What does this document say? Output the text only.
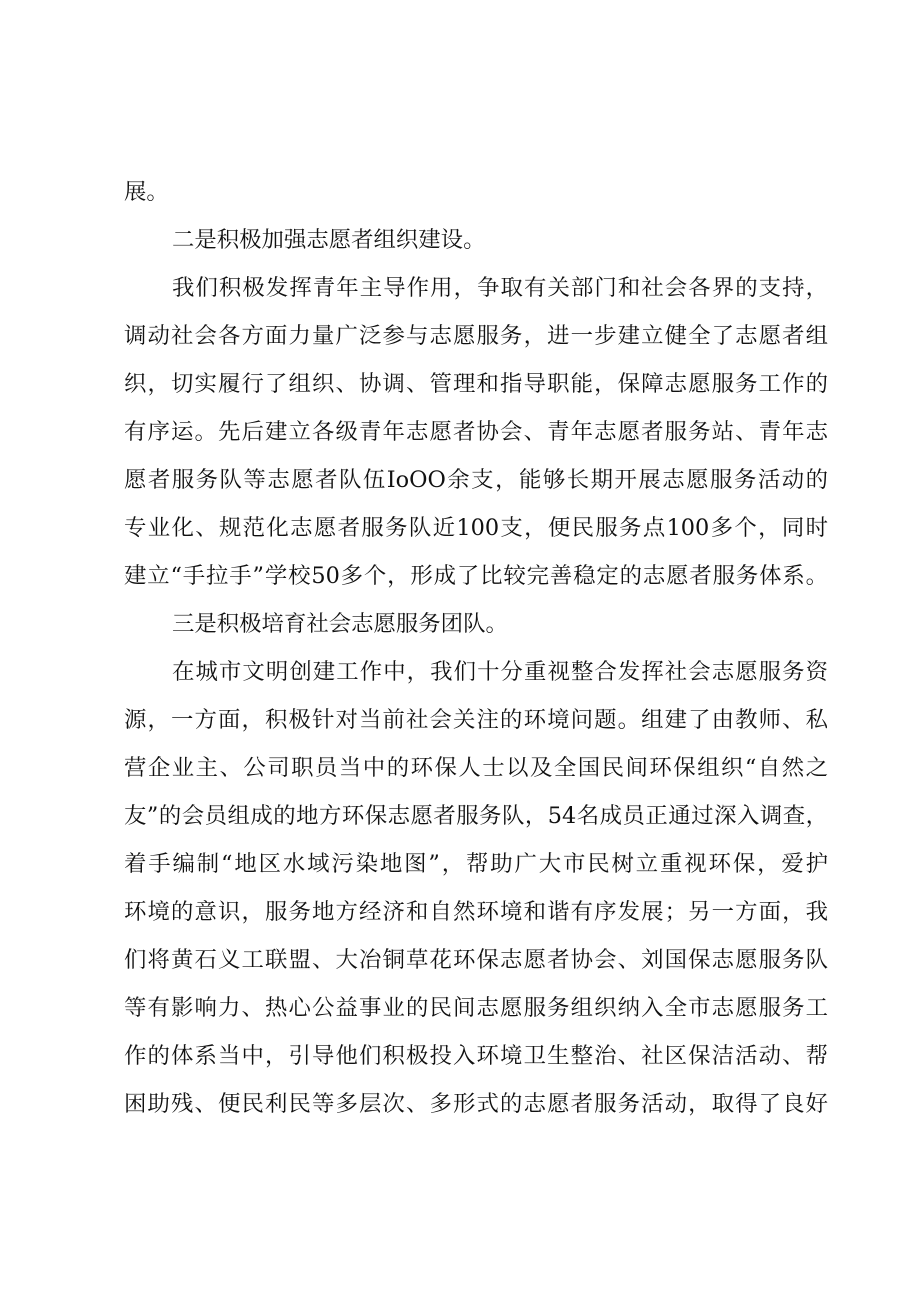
展。
二是积极加强志愿者组织建设。
我们积极发挥青年主导作用，争取有关部门和社会各界的支持，
调动社会各方面力量广泛参与志愿服务，进一步建立健全了志愿者组
织，切实履行了组织、协调、管理和指导职能，保障志愿服务工作的
有序运。先后建立各级青年志愿者协会、青年志愿者服务站、青年志
愿者服务队等志愿者队伍IoOO余支，能够长期开展志愿服务活动的
专业化、规范化志愿者服务队近100支，便民服务点100多个，同时
建立“手拉手”学校50多个，形成了比较完善稳定的志愿者服务体系。
三是积极培育社会志愿服务团队。
在城市文明创建工作中，我们十分重视整合发挥社会志愿服务资
源，一方面，积极针对当前社会关注的环境问题。组建了由教师、私
营企业主、公司职员当中的环保人士以及全国民间环保组织“自然之
友”的会员组成的地方环保志愿者服务队，54名成员正通过深入调查，
着手编制“地区水域污染地图”，帮助广大市民树立重视环保，爱护
环境的意识，服务地方经济和自然环境和谐有序发展；另一方面，我
们将黄石义工联盟、大冶铜草花环保志愿者协会、刘国保志愿服务队
等有影响力、热心公益事业的民间志愿服务组织纳入全市志愿服务工
作的体系当中，引导他们积极投入环境卫生整治、社区保洁活动、帮
困助残、便民利民等多层次、多形式的志愿者服务活动，取得了良好
